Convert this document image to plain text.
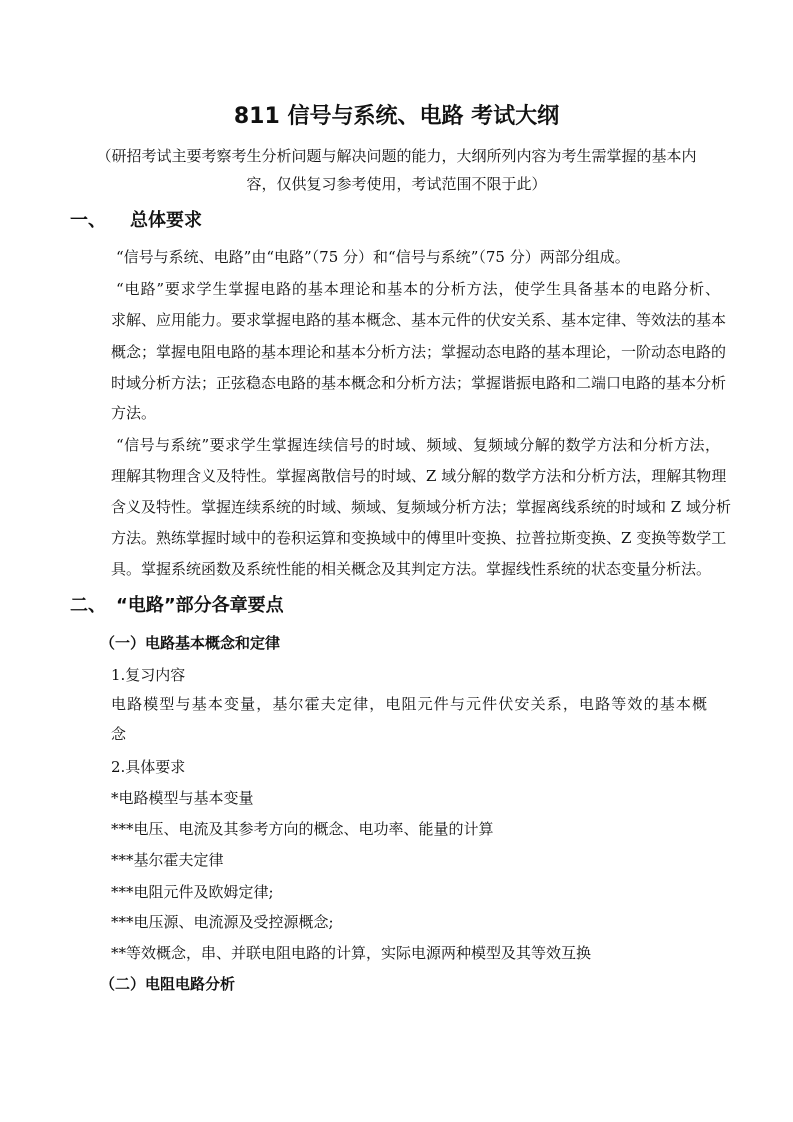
811 信号与系统、电路 考试大纲
（研招考试主要考察考生分析问题与解决问题的能力，大纲所列内容为考生需掌握的基本内
容，仅供复习参考使用，考试范围不限于此）
一、 总体要求
“信号与系统、电路”由“电路”（75 分）和“信号与系统”（75 分）两部分组成。
“电路”要求学生掌握电路的基本理论和基本的分析方法，使学生具备基本的电路分析、
求解、应用能力。要求掌握电路的基本概念、基本元件的伏安关系、基本定律、等效法的基本
概念；掌握电阻电路的基本理论和基本分析方法；掌握动态电路的基本理论，一阶动态电路的
时域分析方法；正弦稳态电路的基本概念和分析方法；掌握谐振电路和二端口电路的基本分析
方法。
“信号与系统”要求学生掌握连续信号的时域、频域、复频域分解的数学方法和分析方法，
理解其物理含义及特性。掌握离散信号的时域、Z 域分解的数学方法和分析方法，理解其物理
含义及特性。掌握连续系统的时域、频域、复频域分析方法；掌握离线系统的时域和 Z 域分析
方法。熟练掌握时域中的卷积运算和变换域中的傅里叶变换、拉普拉斯变换、Z 变换等数学工
具。掌握系统函数及系统性能的相关概念及其判定方法。掌握线性系统的状态变量分析法。
二、 “电路”部分各章要点
（一）电路基本概念和定律
1.复习内容
电路模型与基本变量，基尔霍夫定律，电阻元件与元件伏安关系，电路等效的基本概
念
2.具体要求
*电路模型与基本变量
***电压、电流及其参考方向的概念、电功率、能量的计算
***基尔霍夫定律
***电阻元件及欧姆定律;
***电压源、电流源及受控源概念;
**等效概念，串、并联电阻电路的计算，实际电源两种模型及其等效互换
（二）电阻电路分析
